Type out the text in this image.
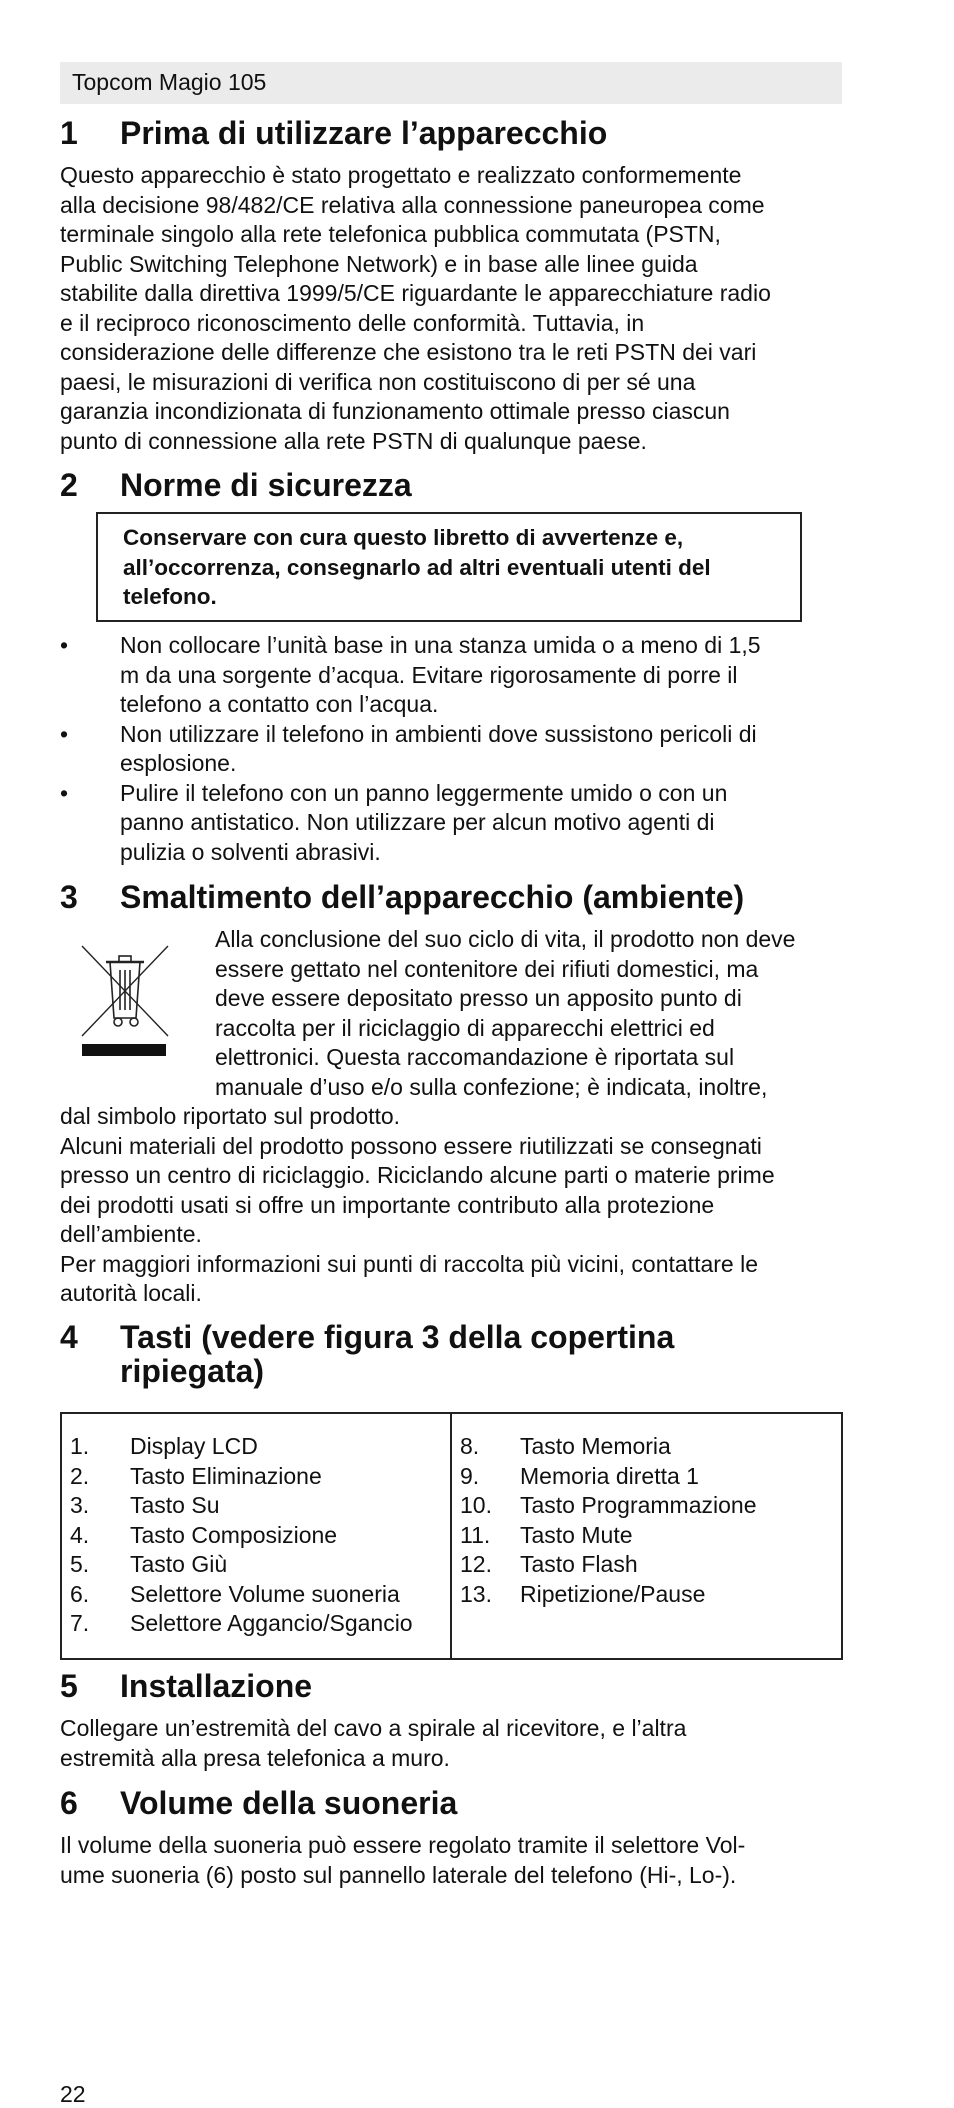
Topcom Magio 105
1	Prima di utilizzare l’apparecchio
Questo apparecchio è stato progettato e realizzato conformemente
alla decisione 98/482/CE relativa alla connessione paneuropea come
terminale singolo alla rete telefonica pubblica commutata (PSTN,
Public Switching Telephone Network) e in base alle linee guida
stabilite dalla direttiva 1999/5/CE riguardante le apparecchiature radio
e il reciproco riconoscimento delle conformità. Tuttavia, in
considerazione delle differenze che esistono tra le reti PSTN dei vari
paesi, le misurazioni di verifica non costituiscono di per sé una
garanzia incondizionata di funzionamento ottimale presso ciascun
punto di connessione alla rete PSTN di qualunque paese.
2	Norme di sicurezza
Conservare con cura questo libretto di avvertenze e,
all’occorrenza, consegnarlo ad altri eventuali utenti del
telefono.
•	Non collocare l’unità base in una stanza umida o a meno di 1,5
m da una sorgente d’acqua. Evitare rigorosamente di porre il
telefono a contatto con l’acqua.
•	Non utilizzare il telefono in ambienti dove sussistono pericoli di
esplosione.
•	Pulire il telefono con un panno leggermente umido o con un
panno antistatico. Non utilizzare per alcun motivo agenti di
pulizia o solventi abrasivi.
3	Smaltimento dell’apparecchio (ambiente)
Alla conclusione del suo ciclo di vita, il prodotto non deve
essere gettato nel contenitore dei rifiuti domestici, ma
deve essere depositato presso un apposito punto di
raccolta per il riciclaggio di apparecchi elettrici ed
elettronici. Questa raccomandazione è riportata sul
manuale d’uso e/o sulla confezione; è indicata, inoltre,
dal simbolo riportato sul prodotto.
Alcuni materiali del prodotto possono essere riutilizzati se consegnati
presso un centro di riciclaggio. Riciclando alcune parti o materie prime
dei prodotti usati si offre un importante contributo alla protezione
dell’ambiente.
Per maggiori informazioni sui punti di raccolta più vicini, contattare le
autorità locali.
4	Tasti (vedere figura 3 della copertina
ripiegata)
1.	Display LCD
2.	Tasto Eliminazione
3.	Tasto Su
4.	Tasto Composizione
5.	Tasto Giù
6.	Selettore Volume suoneria
7.	Selettore Aggancio/Sgancio
8.	Tasto Memoria
9.	Memoria diretta 1
10.	Tasto Programmazione
11.	Tasto Mute
12.	Tasto Flash
13.	Ripetizione/Pause
5	Installazione
Collegare un’estremità del cavo a spirale al ricevitore, e l’altra
estremità alla presa telefonica a muro.
6	Volume della suoneria
Il volume della suoneria può essere regolato tramite il selettore Vol-
ume suoneria (6) posto sul pannello laterale del telefono (Hi-, Lo-).
22
